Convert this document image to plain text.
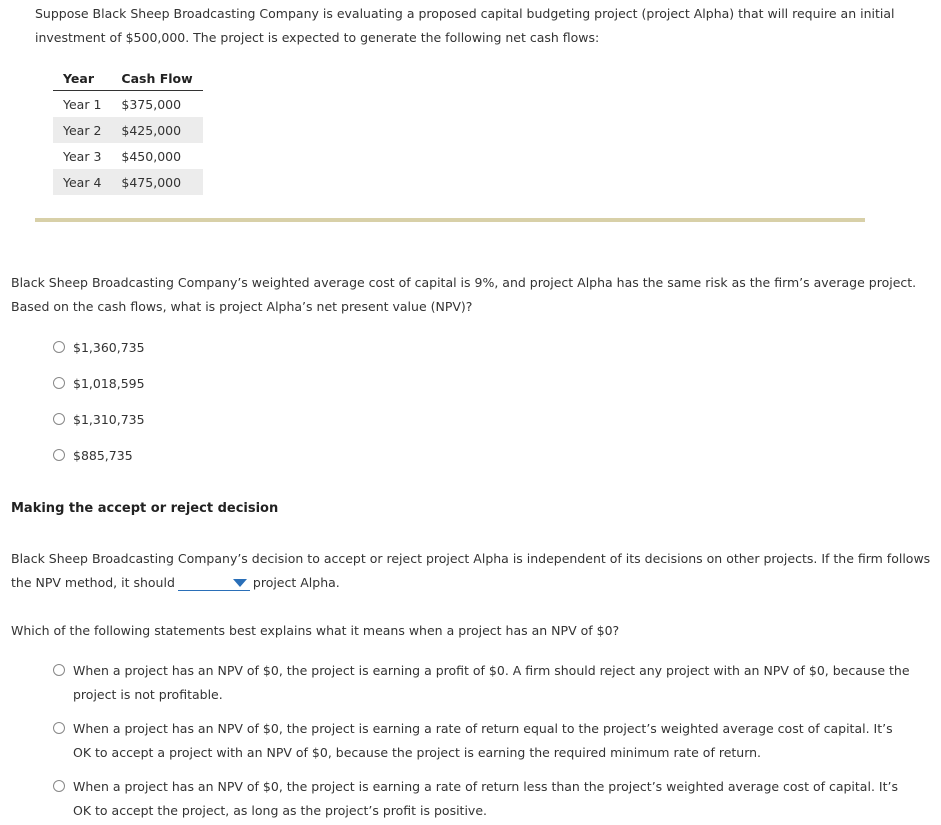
Suppose Black Sheep Broadcasting Company is evaluating a proposed capital budgeting project (project Alpha) that will require an initial investment of $500,000. The project is expected to generate the following net cash flows:

Year	Cash Flow
Year 1	$375,000
Year 2	$425,000
Year 3	$450,000
Year 4	$475,000

Black Sheep Broadcasting Company’s weighted average cost of capital is 9%, and project Alpha has the same risk as the firm’s average project. Based on the cash flows, what is project Alpha’s net present value (NPV)?

$1,360,735
$1,018,595
$1,310,735
$885,735
Making the accept or reject decision

Black Sheep Broadcasting Company’s decision to accept or reject project Alpha is independent of its decisions on other projects. If the firm follows the NPV method, it should	project Alpha.

Which of the following statements best explains what it means when a project has an NPV of $0?

When a project has an NPV of $0, the project is earning a profit of $0. A firm should reject any project with an NPV of $0, because the project is not profitable.
When a project has an NPV of $0, the project is earning a rate of return equal to the project’s weighted average cost of capital. It’s OK to accept a project with an NPV of $0, because the project is earning the required minimum rate of return.
When a project has an NPV of $0, the project is earning a rate of return less than the project’s weighted average cost of capital. It’s OK to accept the project, as long as the project’s profit is positive.
